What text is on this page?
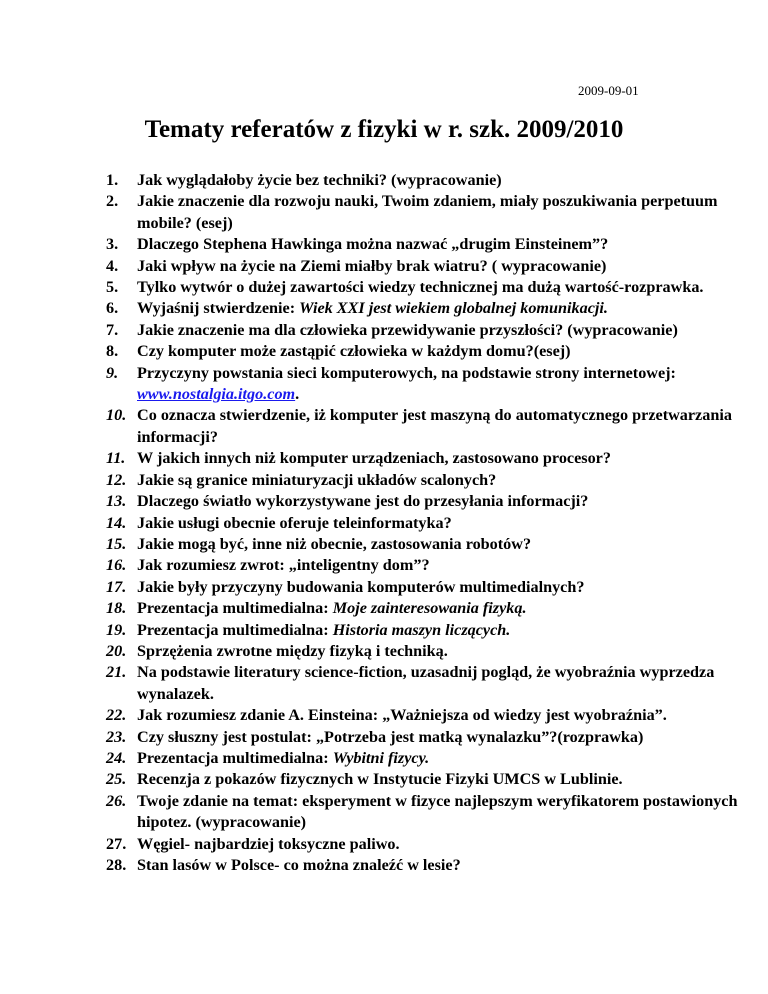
2009-09-01
Tematy referatów z fizyki w r. szk. 2009/2010
1. Jak wyglądałoby życie bez techniki? (wypracowanie)
2. Jakie znaczenie dla rozwoju nauki, Twoim zdaniem, miały poszukiwania perpetuum mobile? (esej)
3. Dlaczego Stephena Hawkinga można nazwać „drugim Einsteinem”?
4. Jaki wpływ na życie na Ziemi miałby brak wiatru? ( wypracowanie)
5. Tylko wytwór o dużej zawartości wiedzy technicznej ma dużą wartość-rozprawka.
6. Wyjaśnij stwierdzenie: Wiek XXI jest wiekiem globalnej komunikacji.
7. Jakie znaczenie ma dla człowieka przewidywanie przyszłości? (wypracowanie)
8. Czy komputer może zastąpić człowieka w każdym domu?(esej)
9. Przyczyny powstania sieci komputerowych, na podstawie strony internetowej: www.nostalgia.itgo.com.
10. Co oznacza stwierdzenie, iż komputer jest maszyną do automatycznego przetwarzania informacji?
11. W jakich innych niż komputer urządzeniach, zastosowano procesor?
12. Jakie są granice miniaturyzacji układów scalonych?
13. Dlaczego światło wykorzystywane jest do przesyłania informacji?
14. Jakie usługi obecnie oferuje teleinformatyka?
15. Jakie mogą być, inne niż obecnie, zastosowania robotów?
16. Jak rozumiesz zwrot: „inteligentny dom”?
17. Jakie były przyczyny budowania komputerów multimedialnych?
18. Prezentacja multimedialna: Moje zainteresowania fizyką.
19. Prezentacja multimedialna: Historia maszyn liczących.
20. Sprzężenia zwrotne między fizyką i techniką.
21. Na podstawie literatury science-fiction, uzasadnij pogląd, że wyobraźnia wyprzedza wynalazek.
22. Jak rozumiesz zdanie A. Einsteina: „Ważniejsza od wiedzy jest wyobraźnia”.
23. Czy słuszny jest postulat: „Potrzeba jest matką wynalazku”?(rozprawka)
24. Prezentacja multimedialna: Wybitni fizycy.
25. Recenzja z pokazów fizycznych w Instytucie Fizyki UMCS w Lublinie.
26. Twoje zdanie na temat: eksperyment w fizyce najlepszym weryfikatorem postawionych hipotez. (wypracowanie)
27. Węgiel- najbardziej toksyczne paliwo.
28. Stan lasów w Polsce- co można znaleźć w lesie?
